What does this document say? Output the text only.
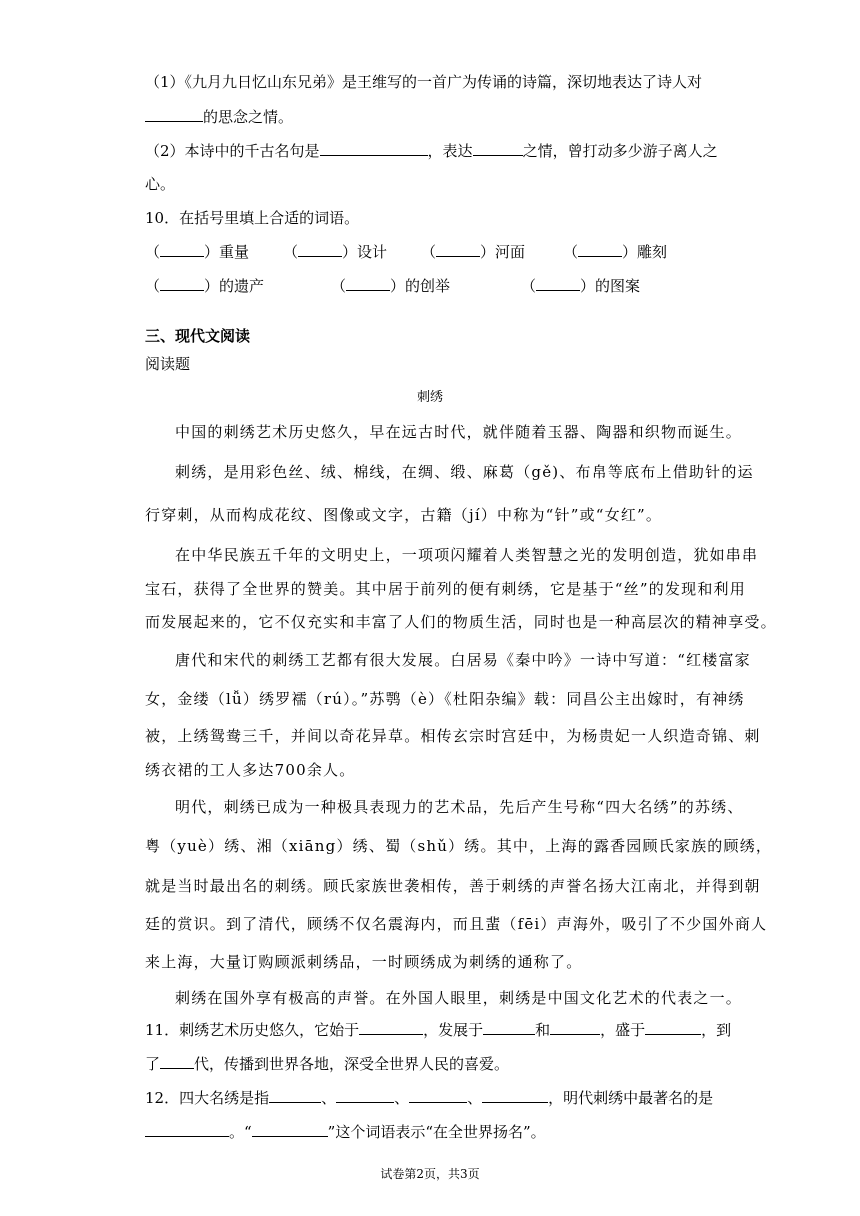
（1）《九月九日忆山东兄弟》是王维写的一首广为传诵的诗篇，深切地表达了诗人对
的思念之情。
（2）本诗中的千古名句是	，表达	之情，曾打动多少游子离人之
心。
10．在括号里填上合适的词语。
（	）重量 （	）设计 （	）河面	（	）雕刻
（	）的遗产	（	）的创举	（	）的图案
三、现代文阅读
阅读题
刺绣
中国的刺绣艺术历史悠久，早在远古时代，就伴随着玉器、陶器和织物而诞生。
刺绣，是用彩色丝、绒、棉线，在绸、缎、麻葛（gě)、布帛等底布上借助针的运
行穿刺，从而构成花纹、图像或文字，古籍（jí）中称为“针”或“女红”。
在中华民族五千年的文明史上，一项项闪耀着人类智慧之光的发明创造，犹如串串
宝石，获得了全世界的赞美。其中居于前列的便有刺绣，它是基于“丝”的发现和利用
而发展起来的，它不仅充实和丰富了人们的物质生活，同时也是一种高层次的精神享受。
唐代和宋代的刺绣工艺都有很大发展。白居易《秦中吟》一诗中写道：“红楼富家
女，金缕（lǚ）绣罗襦（rú）。”苏鹗（è）《杜阳杂编》载：同昌公主出嫁时，有神绣
被，上绣鸳鸯三千，并间以奇花异草。相传玄宗时宫廷中，为杨贵妃一人织造奇锦、刺
绣衣裙的工人多达700余人。
明代，刺绣已成为一种极具表现力的艺术品，先后产生号称“四大名绣”的苏绣、
粤（yuè）绣、湘（xiāng）绣、蜀（shǔ）绣。其中，上海的露香园顾氏家族的顾绣，
就是当时最出名的刺绣。顾氏家族世袭相传，善于刺绣的声誉名扬大江南北，并得到朝
廷的赏识。到了清代，顾绣不仅名震海内，而且蜚（fēi）声海外，吸引了不少国外商人
来上海，大量订购顾派刺绣品，一时顾绣成为刺绣的通称了。
刺绣在国外享有极高的声誉。在外国人眼里，刺绣是中国文化艺术的代表之一。
11．刺绣艺术历史悠久，它始于	，发展于	和	，盛于	，到
了 代，传播到世界各地，深受全世界人民的喜爱。
12．四大名绣是指	、	、	、	，明代刺绣中最著名的是
。“	”这个词语表示“在全世界扬名”。
试卷第2页，共3页
